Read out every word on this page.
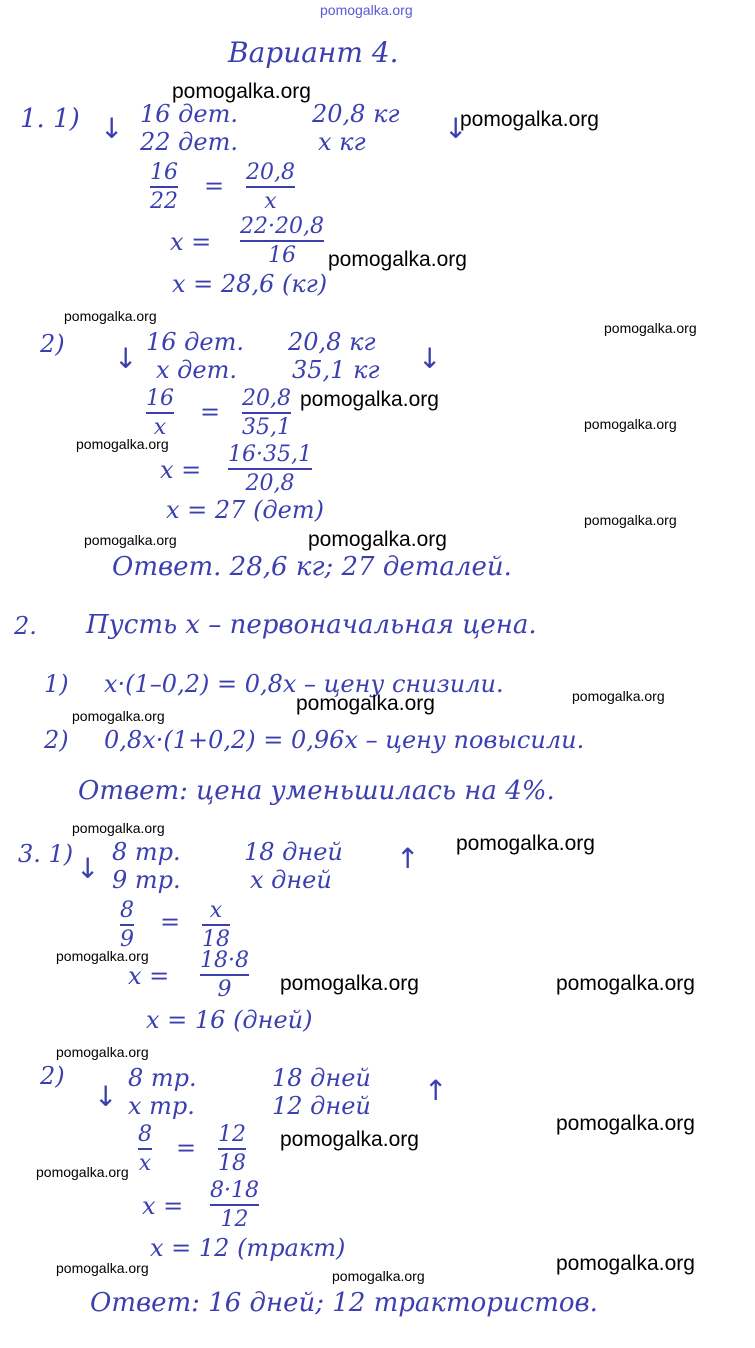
pomogalka.org
Вариант 4.
1. 1) ↓ 16 дет.	20,8 кг
22 дет.	x кг	↓
16
22
= 20,8
x
x =
22·20,8
16
x = 28,6 (кг)
2) ↓ 16 дет. 20,8 кг
x дет. 35,1 кг ↓
16
x
= 20,8
35,1
x =
16·35,1
20,8
x = 27 (дет)
Ответ. 28,6 кг; 27 деталей.
2. Пусть x – первоначальная цена.
1) x·(1–0,2) = 0,8x – цену снизили.
2) 0,8x·(1+0,2) = 0,96x – цену повысили.
Ответ: цена уменьшилась на 4%.
3. 1) ↓ 8 тр.	18 дней
9 тр.	x дней
↑
8
9
= x
18
x =
18·8
9
x = 16 (дней)
2)
↓
8 тр.	18 дней
x тр.	12 дней ↑
8
x
= 12
18
x =
8·18
12
x = 12 (тракт)
Ответ: 16 дней; 12 трактористов.
pomogalka.org
pomogalka.org
pomogalka.org
pomogalka.org
pomogalka.org
pomogalka.org
pomogalka.org
pomogalka.org
pomogalka.org
pomogalka.org	pomogalka.org
pomogalka.org
pomogalka.org
pomogalka.org
pomogalka.org
pomogalka.org
pomogalka.org
pomogalka.org	pomogalka.org
pomogalka.org
pomogalka.org
pomogalka.org
pomogalka.org
pomogalka.org
pomogalka.org	pomogalka.org
